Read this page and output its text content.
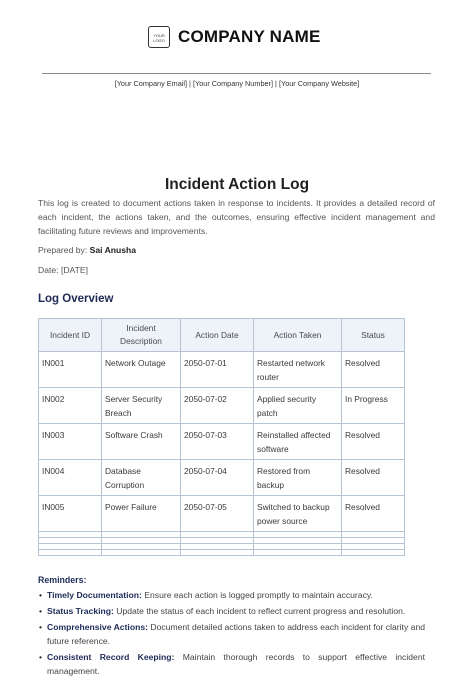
YOUR
LOGO COMPANY NAME
[Your Company Email] | [Your Company Number] | [Your Company Website]
Incident Action Log
This log is created to document actions taken in response to incidents. It provides a detailed record of each incident, the actions taken, and the outcomes, ensuring effective incident management and facilitating future reviews and improvements.
Prepared by: Sai Anusha
Date: [DATE]
Log Overview
Incident ID	Incident Description	Action Date	Action Taken	Status
IN001	Network Outage	2050-07-01	Restarted network router	Resolved
IN002	Server Security Breach	2050-07-02	Applied security patch	In Progress
IN003	Software Crash	2050-07-03	Reinstalled affected software	Resolved
IN004	Database Corruption	2050-07-04	Restored from backup	Resolved
IN005	Power Failure	2050-07-05	Switched to backup power source	Resolved

Reminders:
• Timely Documentation: Ensure each action is logged promptly to maintain accuracy.
• Status Tracking: Update the status of each incident to reflect current progress and resolution.
• Comprehensive Actions: Document detailed actions taken to address each incident for clarity and future reference.
• Consistent Record Keeping: Maintain thorough records to support effective incident management.
